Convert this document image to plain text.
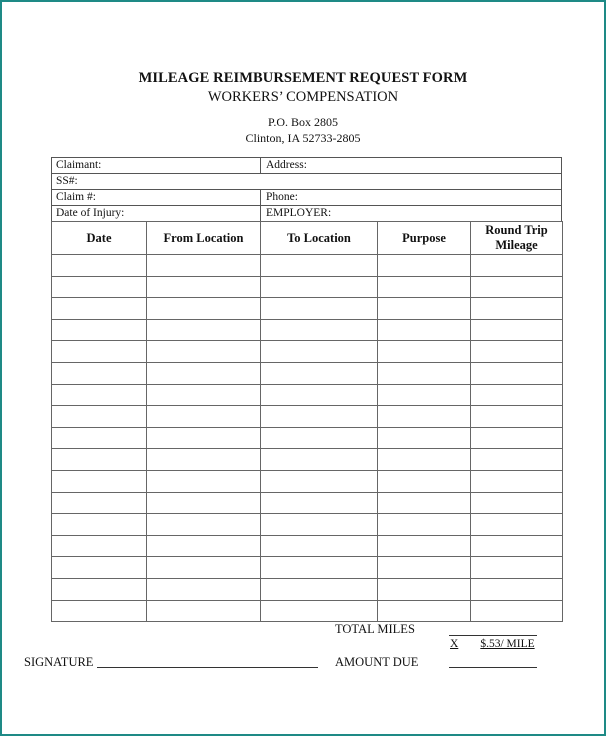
MILEAGE REIMBURSEMENT REQUEST FORM
WORKERS’ COMPENSATION
P.O. Box 2805
Clinton, IA 52733-2805
Claimant:	Address:
SS#:
Claim #:	Phone:
Date of Injury:	EMPLOYER:
Date	From Location	To Location	Purpose	Round Trip
Mileage

TOTAL MILES
X $.53/ MILE
SIGNATURE	AMOUNT DUE
